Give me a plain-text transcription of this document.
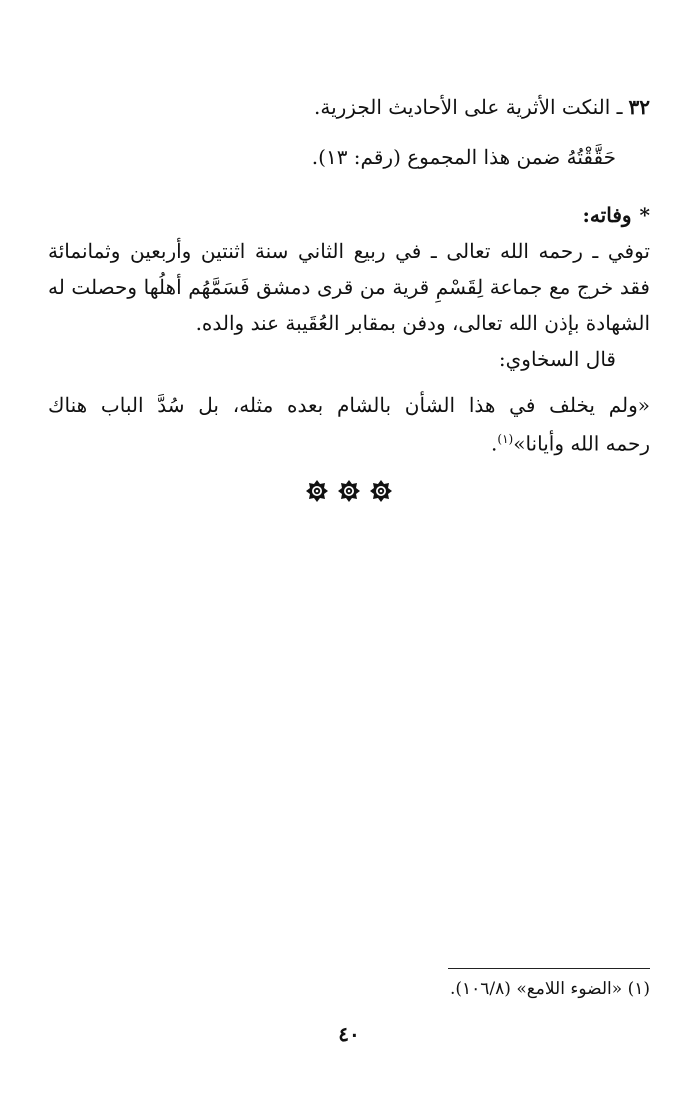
٣٢ـ النكت الأثرية على الأحاديث الجزرية.
حَقَّقْتُهُ ضمن هذا المجموع (رقم: ١٣).
*وفاته:
توفي ـ رحمه الله تعالى ـ في ربيع الثاني سنة اثنتين وأربعين وثمانمائة
فقد خرج مع جماعة لِقَسْمِ قرية من قرى دمشق فَسَمَّهُم أهلُها وحصلت له
الشهادة بإذن الله تعالى، ودفن بمقابر العُقَيبة عند والده.
قال السخاوي:
«ولم يخلف في هذا الشأن بالشام بعده مثله، بل سُدَّ الباب هناك
رحمه الله وأيانا»$^{(١)}$.
(١) «الضوء اللامع» (١٠٦/٨).
٤٠
